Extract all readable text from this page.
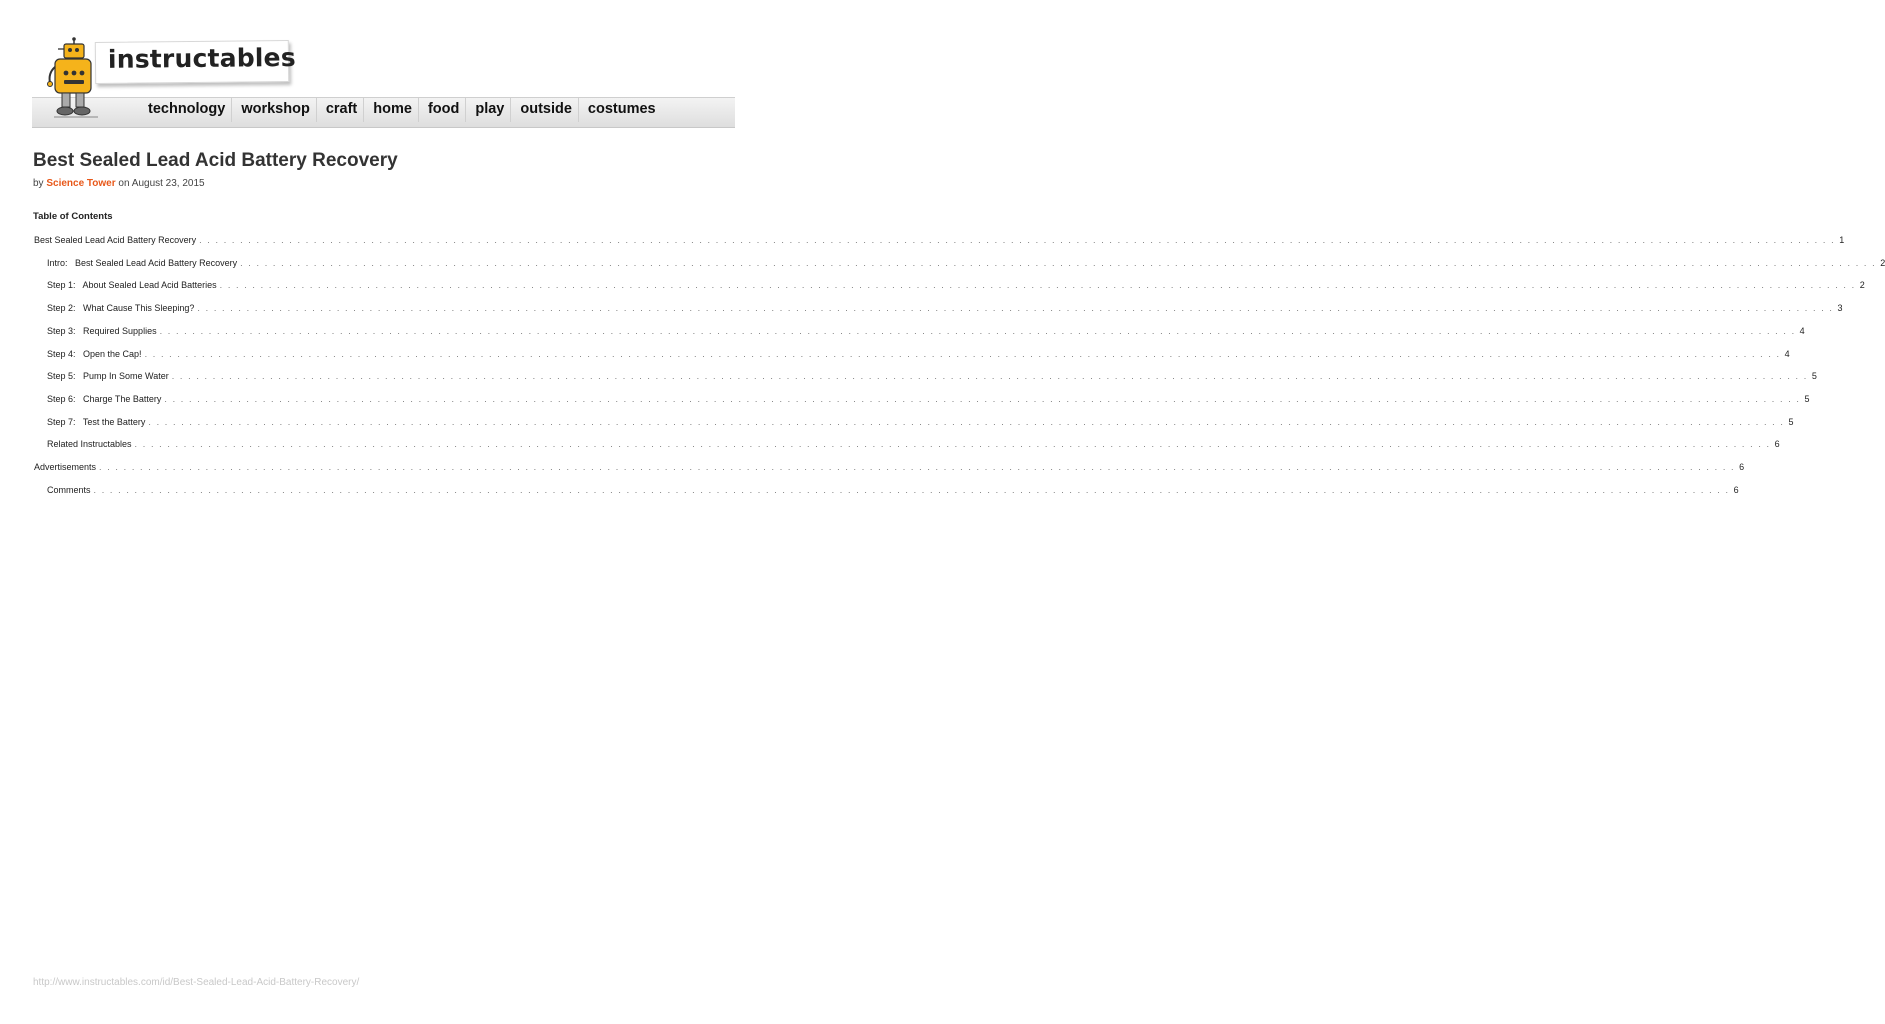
technology	workshop	craft	home	food	play	outside	costumes
instructables
Best Sealed Lead Acid Battery Recovery
by Science Tower on August 23, 2015
Table of Contents
Best Sealed Lead Acid Battery Recovery . . . . . . . . . . . . . . . . . . . . . . . . . . . . . . . . . . . . . . . . . . . . . . . . . . . . . . . . . . . . . . . . . . . . . . . . . . . . . . . . . . . . . . . . . . . . . . . . . . . . . . . . . . . . . . . . . . . . . . . . . . . . . . . . . . . . . . . . . . . . . . . . . . . . . . . . . . . . . . . . . . . . . . . . . . . . . . . . . . . . . . . . . . . . . . . . . . . . . . . . 1
Intro:   Best Sealed Lead Acid Battery Recovery . . . . . . . . . . . . . . . . . . . . . . . . . . . . . . . . . . . . . . . . . . . . . . . . . . . . . . . . . . . . . . . . . . . . . . . . . . . . . . . . . . . . . . . . . . . . . . . . . . . . . . . . . . . . . . . . . . . . . . . . . . . . . . . . . . . . . . . . . . . . . . . . . . . . . . . . . . . . . . . . . . . . . . . . . . . . . . . . . . . . . . . . . . . . . . . . . . . . . . . . 2
Step 1:   About Sealed Lead Acid Batteries . . . . . . . . . . . . . . . . . . . . . . . . . . . . . . . . . . . . . . . . . . . . . . . . . . . . . . . . . . . . . . . . . . . . . . . . . . . . . . . . . . . . . . . . . . . . . . . . . . . . . . . . . . . . . . . . . . . . . . . . . . . . . . . . . . . . . . . . . . . . . . . . . . . . . . . . . . . . . . . . . . . . . . . . . . . . . . . . . . . . . . . . . . . . . . . . . . . . . . . . 2
Step 2:   What Cause This Sleeping? . . . . . . . . . . . . . . . . . . . . . . . . . . . . . . . . . . . . . . . . . . . . . . . . . . . . . . . . . . . . . . . . . . . . . . . . . . . . . . . . . . . . . . . . . . . . . . . . . . . . . . . . . . . . . . . . . . . . . . . . . . . . . . . . . . . . . . . . . . . . . . . . . . . . . . . . . . . . . . . . . . . . . . . . . . . . . . . . . . . . . . . . . . . . . . . . . . . . . . . . 3
Step 3:   Required Supplies . . . . . . . . . . . . . . . . . . . . . . . . . . . . . . . . . . . . . . . . . . . . . . . . . . . . . . . . . . . . . . . . . . . . . . . . . . . . . . . . . . . . . . . . . . . . . . . . . . . . . . . . . . . . . . . . . . . . . . . . . . . . . . . . . . . . . . . . . . . . . . . . . . . . . . . . . . . . . . . . . . . . . . . . . . . . . . . . . . . . . . . . . . . . . . . . . . . . . . . . 4
Step 4:   Open the Cap! . . . . . . . . . . . . . . . . . . . . . . . . . . . . . . . . . . . . . . . . . . . . . . . . . . . . . . . . . . . . . . . . . . . . . . . . . . . . . . . . . . . . . . . . . . . . . . . . . . . . . . . . . . . . . . . . . . . . . . . . . . . . . . . . . . . . . . . . . . . . . . . . . . . . . . . . . . . . . . . . . . . . . . . . . . . . . . . . . . . . . . . . . . . . . . . . . . . . . . . . 4
Step 5:   Pump In Some Water . . . . . . . . . . . . . . . . . . . . . . . . . . . . . . . . . . . . . . . . . . . . . . . . . . . . . . . . . . . . . . . . . . . . . . . . . . . . . . . . . . . . . . . . . . . . . . . . . . . . . . . . . . . . . . . . . . . . . . . . . . . . . . . . . . . . . . . . . . . . . . . . . . . . . . . . . . . . . . . . . . . . . . . . . . . . . . . . . . . . . . . . . . . . . . . . . . . . . . . . 5
Step 6:   Charge The Battery . . . . . . . . . . . . . . . . . . . . . . . . . . . . . . . . . . . . . . . . . . . . . . . . . . . . . . . . . . . . . . . . . . . . . . . . . . . . . . . . . . . . . . . . . . . . . . . . . . . . . . . . . . . . . . . . . . . . . . . . . . . . . . . . . . . . . . . . . . . . . . . . . . . . . . . . . . . . . . . . . . . . . . . . . . . . . . . . . . . . . . . . . . . . . . . . . . . . . . . . 5
Step 7:   Test the Battery . . . . . . . . . . . . . . . . . . . . . . . . . . . . . . . . . . . . . . . . . . . . . . . . . . . . . . . . . . . . . . . . . . . . . . . . . . . . . . . . . . . . . . . . . . . . . . . . . . . . . . . . . . . . . . . . . . . . . . . . . . . . . . . . . . . . . . . . . . . . . . . . . . . . . . . . . . . . . . . . . . . . . . . . . . . . . . . . . . . . . . . . . . . . . . . . . . . . . . . . 5
Related Instructables . . . . . . . . . . . . . . . . . . . . . . . . . . . . . . . . . . . . . . . . . . . . . . . . . . . . . . . . . . . . . . . . . . . . . . . . . . . . . . . . . . . . . . . . . . . . . . . . . . . . . . . . . . . . . . . . . . . . . . . . . . . . . . . . . . . . . . . . . . . . . . . . . . . . . . . . . . . . . . . . . . . . . . . . . . . . . . . . . . . . . . . . . . . . . . . . . . . . . . . . 6
Advertisements . . . . . . . . . . . . . . . . . . . . . . . . . . . . . . . . . . . . . . . . . . . . . . . . . . . . . . . . . . . . . . . . . . . . . . . . . . . . . . . . . . . . . . . . . . . . . . . . . . . . . . . . . . . . . . . . . . . . . . . . . . . . . . . . . . . . . . . . . . . . . . . . . . . . . . . . . . . . . . . . . . . . . . . . . . . . . . . . . . . . . . . . . . . . . . . . . . . . . . . . 6
Comments . . . . . . . . . . . . . . . . . . . . . . . . . . . . . . . . . . . . . . . . . . . . . . . . . . . . . . . . . . . . . . . . . . . . . . . . . . . . . . . . . . . . . . . . . . . . . . . . . . . . . . . . . . . . . . . . . . . . . . . . . . . . . . . . . . . . . . . . . . . . . . . . . . . . . . . . . . . . . . . . . . . . . . . . . . . . . . . . . . . . . . . . . . . . . . . . . . . . . . . . 6
http://www.instructables.com/id/Best-Sealed-Lead-Acid-Battery-Recovery/
